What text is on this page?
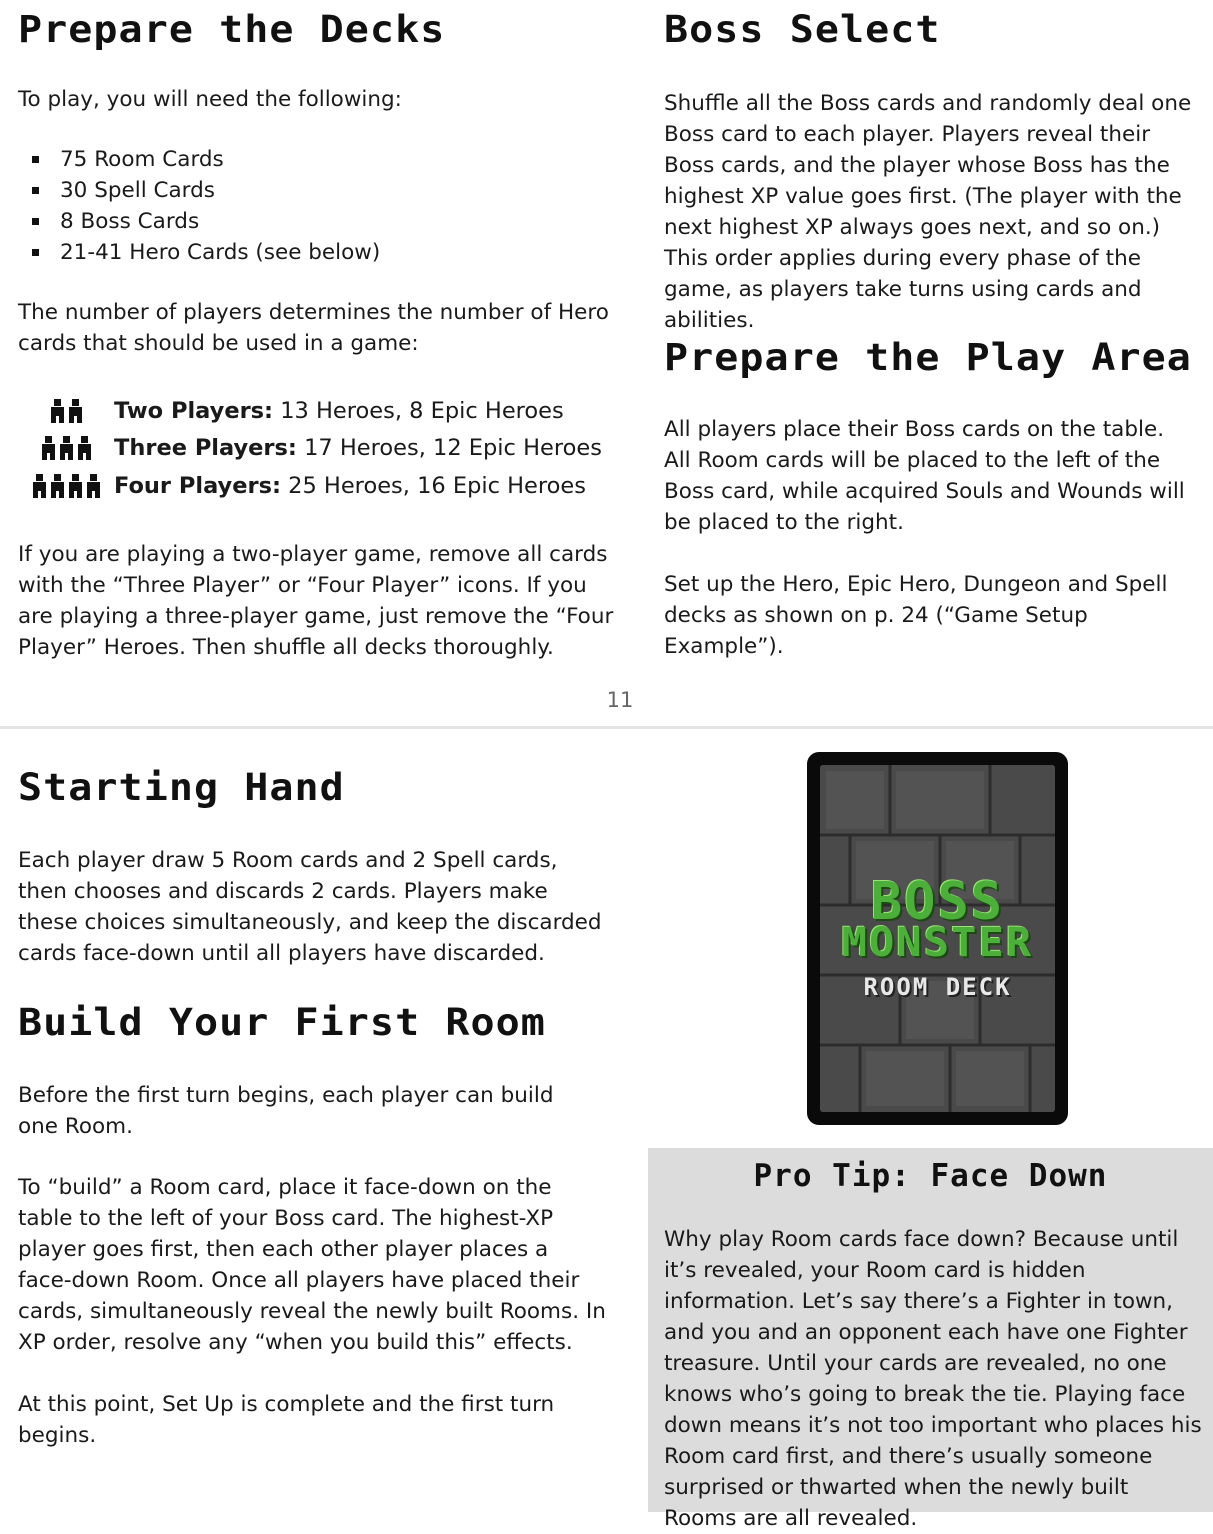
Prepare the Decks

To play, you will need the following:

75 Room Cards
30 Spell Cards
8 Boss Cards
21-41 Hero Cards (see below)

The number of players determines the number of Hero cards that should be used in a game:

Two Players: 13 Heroes, 8 Epic Heroes
Three Players: 17 Heroes, 12 Epic Heroes
Four Players: 25 Heroes, 16 Epic Heroes

If you are playing a two-player game, remove all cards with the “Three Player” or “Four Player” icons. If you are playing a three-player game, just remove the “Four Player” Heroes. Then shuffle all decks thoroughly.

Boss Select

Shuffle all the Boss cards and randomly deal one Boss card to each player. Players reveal their Boss cards, and the player whose Boss has the highest XP value goes first. (The player with the next highest XP always goes next, and so on.) This order applies during every phase of the game, as players take turns using cards and abilities.

Prepare the Play Area

All players place their Boss cards on the table. All Room cards will be placed to the left of the Boss card, while acquired Souls and Wounds will be placed to the right.

Set up the Hero, Epic Hero, Dungeon and Spell decks as shown on p. 24 (“Game Setup Example”).

11
Starting Hand

Each player draw 5 Room cards and 2 Spell cards, then chooses and discards 2 cards. Players make these choices simultaneously, and keep the discarded cards face-down until all players have discarded.

Build Your First Room

Before the first turn begins, each player can build one Room.

To “build” a Room card, place it face-down on the table to the left of your Boss card. The highest-XP player goes first, then each other player places a face-down Room. Once all players have placed their cards, simultaneously reveal the newly built Rooms. In XP order, resolve any “when you build this” effects.

At this point, Set Up is complete and the first turn begins.

BOSS
MONSTER
ROOM DECK
Pro Tip: Face Down

Why play Room cards face down? Because until it’s revealed, your Room card is hidden information. Let’s say there’s a Fighter in town, and you and an opponent each have one Fighter treasure. Until your cards are revealed, no one knows who’s going to break the tie. Playing face down means it’s not too important who places his Room card first, and there’s usually someone surprised or thwarted when the newly built Rooms are all revealed.
